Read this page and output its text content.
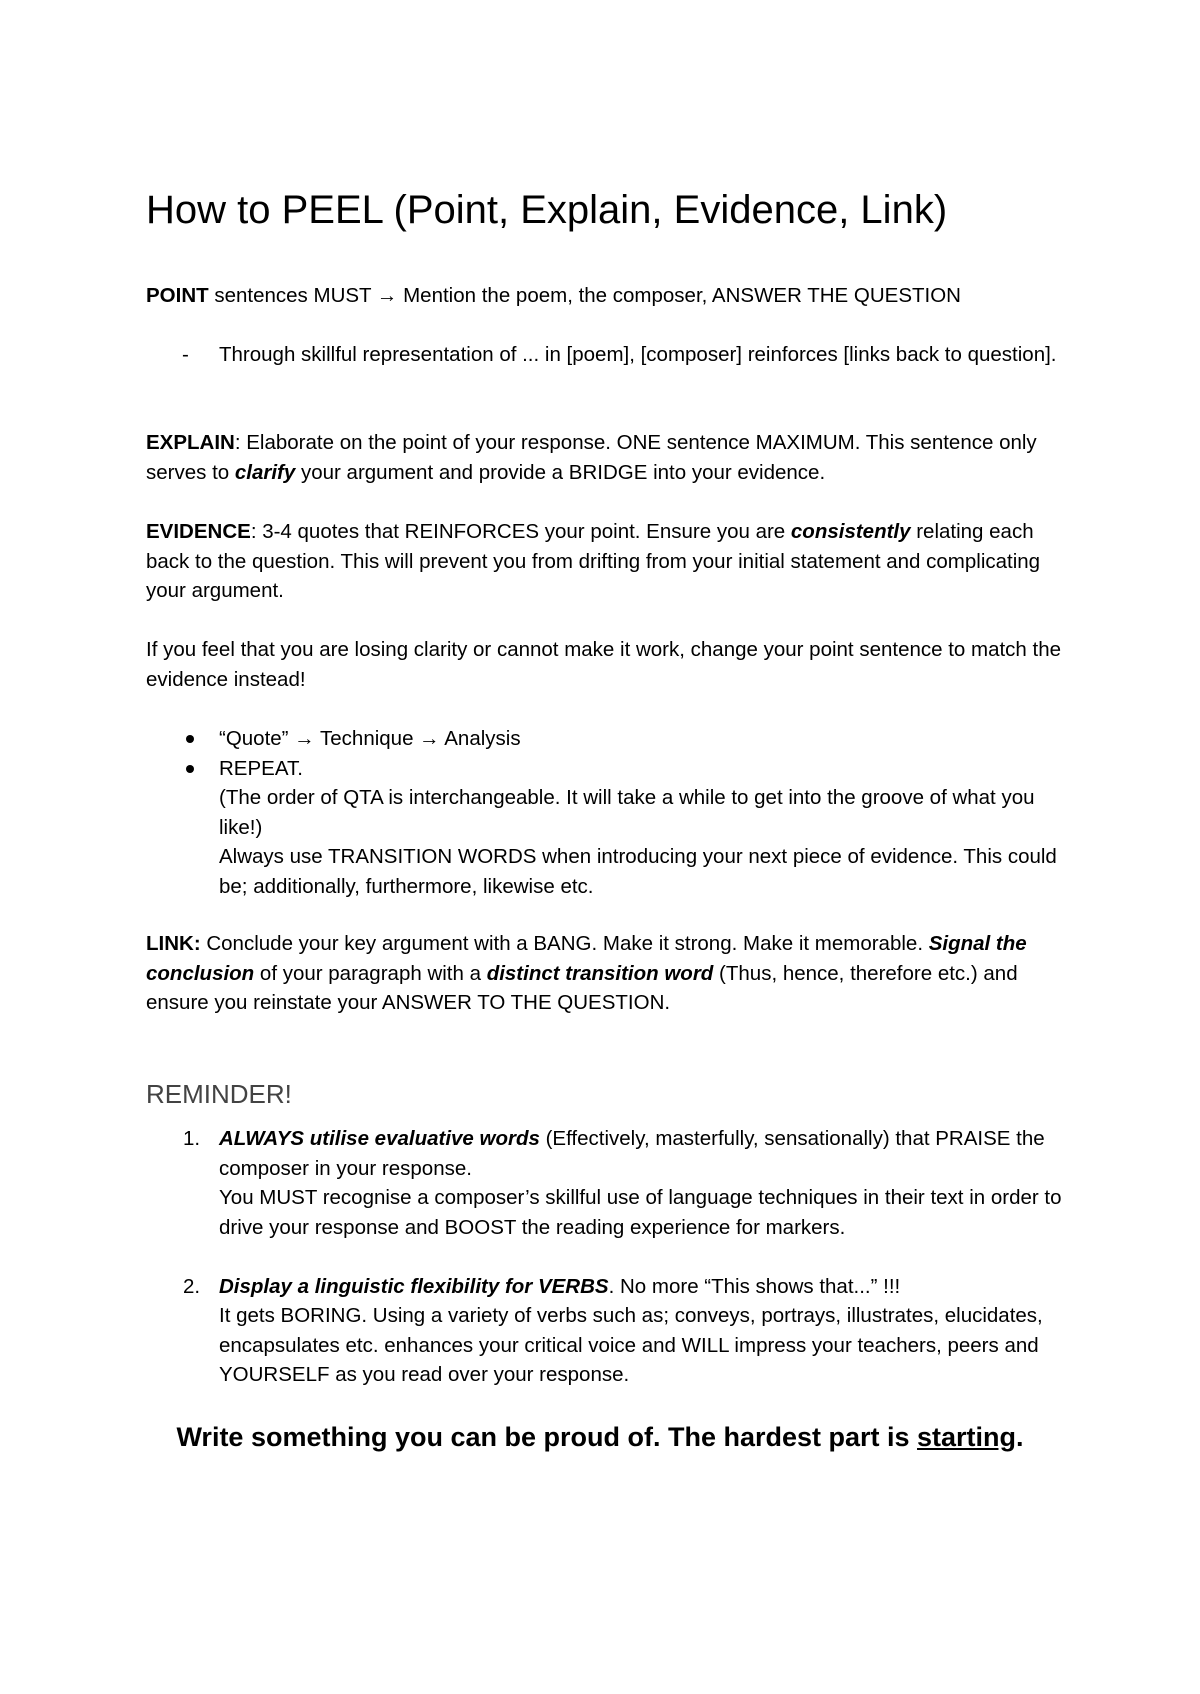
How to PEEL (Point, Explain, Evidence, Link)

POINT sentences MUST → Mention the poem, the composer, ANSWER THE QUESTION

- Through skillful representation of ... in [poem], [composer] reinforces [links back to question].

EXPLAIN: Elaborate on the point of your response. ONE sentence MAXIMUM. This sentence only serves to clarify your argument and provide a BRIDGE into your evidence.

EVIDENCE: 3-4 quotes that REINFORCES your point. Ensure you are consistently relating each back to the question. This will prevent you from drifting from your initial statement and complicating your argument.

If you feel that you are losing clarity or cannot make it work, change your point sentence to match the evidence instead!

“Quote” → Technique → Analysis

REPEAT.

(The order of QTA is interchangeable. It will take a while to get into the groove of what you like!)

Always use TRANSITION WORDS when introducing your next piece of evidence. This could be; additionally, furthermore, likewise etc.

LINK: Conclude your key argument with a BANG. Make it strong. Make it memorable. Signal the conclusion of your paragraph with a distinct transition word (Thus, hence, therefore etc.) and ensure you reinstate your ANSWER TO THE QUESTION.

REMINDER!
1. ALWAYS utilise evaluative words (Effectively, masterfully, sensationally) that PRAISE the composer in your response.

You MUST recognise a composer’s skillful use of language techniques in their text in order to drive your response and BOOST the reading experience for markers.

2. Display a linguistic flexibility for VERBS. No more “This shows that...” !!!

It gets BORING. Using a variety of verbs such as; conveys, portrays, illustrates, elucidates, encapsulates etc. enhances your critical voice and WILL impress your teachers, peers and YOURSELF as you read over your response.

Write something you can be proud of. The hardest part is starting.
